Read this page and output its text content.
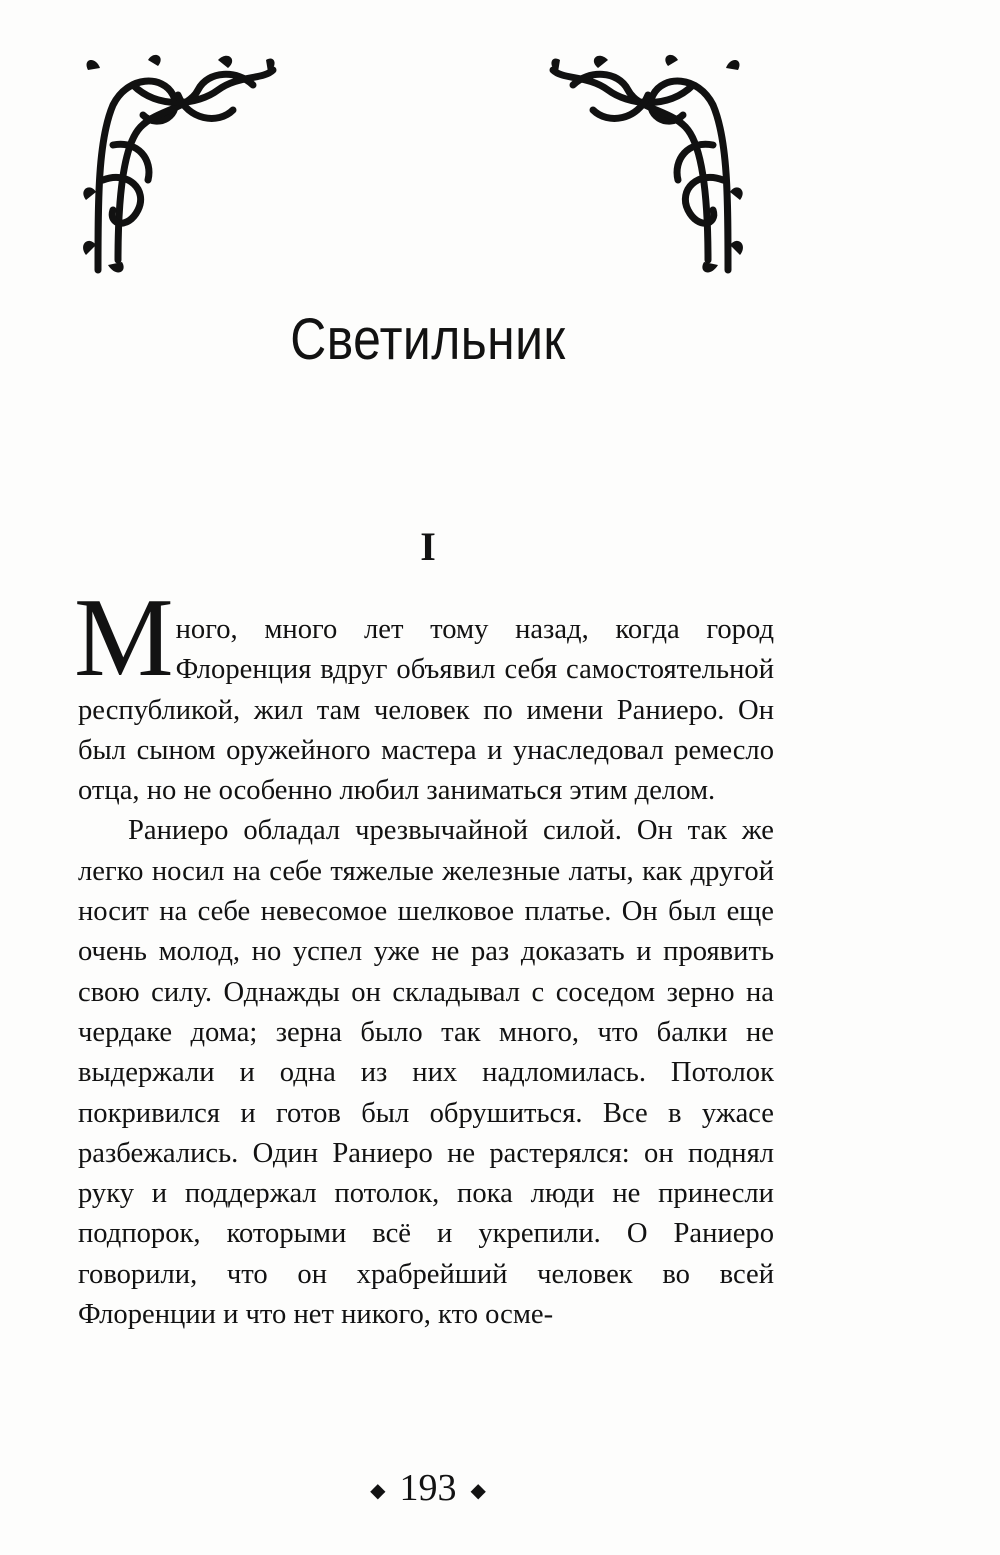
Светильник
I

Много, много лет тому назад, когда город Флоренция вдруг объявил себя самостоятельной республикой, жил там человек по имени Раниеро. Он был сыном оружейного мастера и унаследовал ремесло отца, но не особенно любил заниматься этим делом.

Раниеро обладал чрезвычайной силой. Он так же легко носил на себе тяжелые железные латы, как другой носит на себе невесомое шелковое платье. Он был еще очень молод, но успел уже не раз доказать и проявить свою силу. Однажды он складывал с соседом зерно на чердаке дома; зерна было так много, что балки не выдержали и одна из них надломилась. Потолок покривился и готов был обрушиться. Все в ужасе разбежались. Один Раниеро не растерялся: он поднял руку и поддержал потолок, пока люди не принесли подпорок, которыми всё и укрепили. О Раниеро говорили, что он храбрейший человек во всей Флоренции и что нет никого, кто осме-

◆ 193 ◆
